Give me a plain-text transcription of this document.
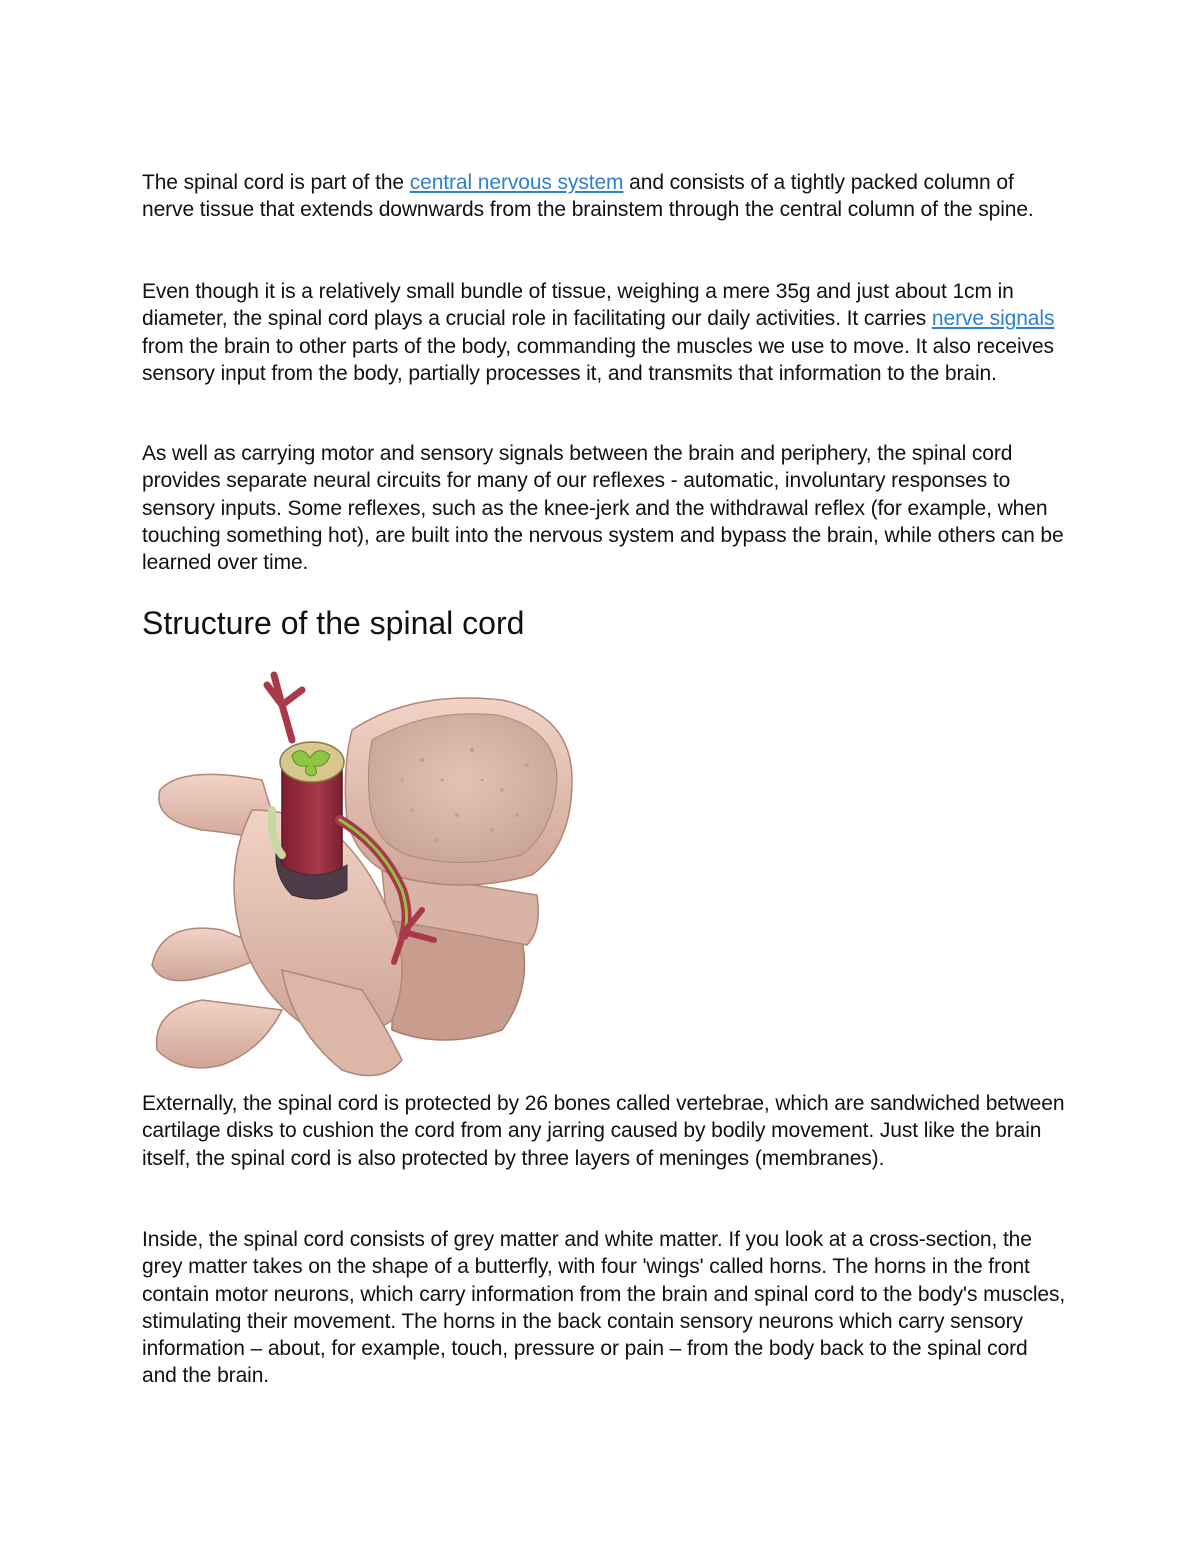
The spinal cord is part of the central nervous system and consists of a tightly packed column of nerve tissue that extends downwards from the brainstem through the central column of the spine.

Even though it is a relatively small bundle of tissue, weighing a mere 35g and just about 1cm in diameter, the spinal cord plays a crucial role in facilitating our daily activities. It carries nerve signals from the brain to other parts of the body, commanding the muscles we use to move. It also receives sensory input from the body, partially processes it, and transmits that information to the brain.

As well as carrying motor and sensory signals between the brain and periphery, the spinal cord provides separate neural circuits for many of our reflexes - automatic, involuntary responses to sensory inputs. Some reflexes, such as the knee-jerk and the withdrawal reflex (for example, when touching something hot), are built into the nervous system and bypass the brain, while others can be learned over time.

Structure of the spinal cord

Externally, the spinal cord is protected by 26 bones called vertebrae, which are sandwiched between cartilage disks to cushion the cord from any jarring caused by bodily movement. Just like the brain itself, the spinal cord is also protected by three layers of meninges (membranes).

Inside, the spinal cord consists of grey matter and white matter. If you look at a cross-section, the grey matter takes on the shape of a butterfly, with four 'wings' called horns. The horns in the front contain motor neurons, which carry information from the brain and spinal cord to the body's muscles, stimulating their movement. The horns in the back contain sensory neurons which carry sensory information – about, for example, touch, pressure or pain – from the body back to the spinal cord and the brain.
